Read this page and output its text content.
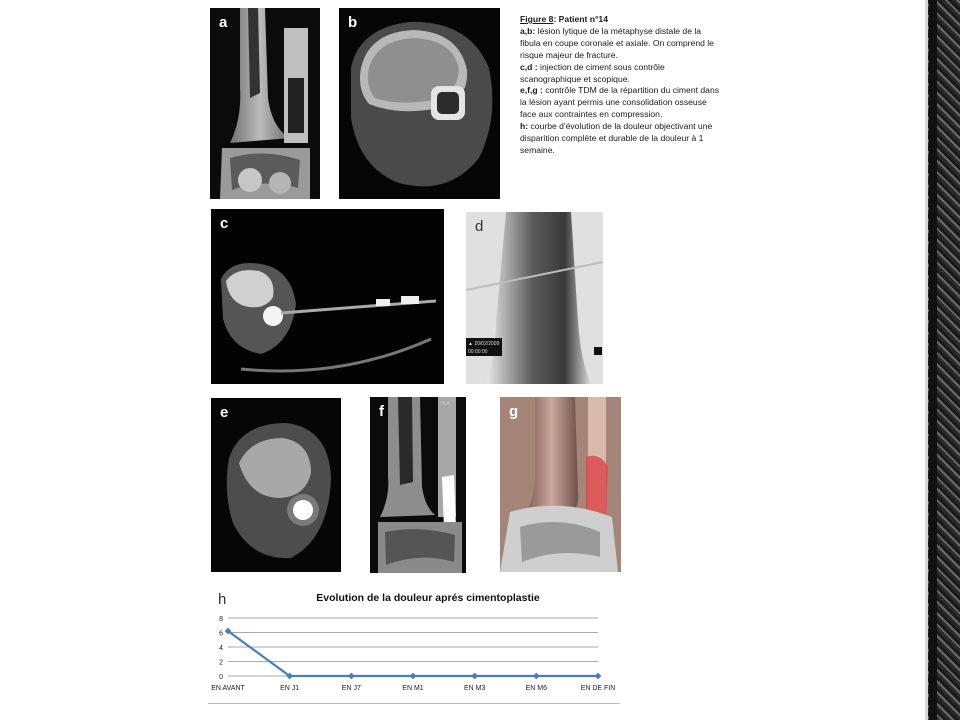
a	b	Figure 8: Patient n°14

a,b: lésion lytique de la métaphyse distale de la fibula en coupe coronale et axiale. On comprend le risque majeur de fracture.

c,d : injection de ciment sous contrôle scanographique et scopique.

e,f,g : contrôle TDM de la répartition du ciment dans la lésion ayant permis une consolidation osseuse face aux contraintes en compression.

h: courbe d'évolution de la douleur objectivant une disparition complète et durable de la douleur à 1 semaine.

c
▲ 20/02/2009
00:00:00
d
e	f	HLA	g
0
2
4
6
8
EN AVANT	EN J1	EN J7	EN M1	EN M3	EN M6	EN DE FIN
h	Evolution de la douleur aprés cimentoplastie
